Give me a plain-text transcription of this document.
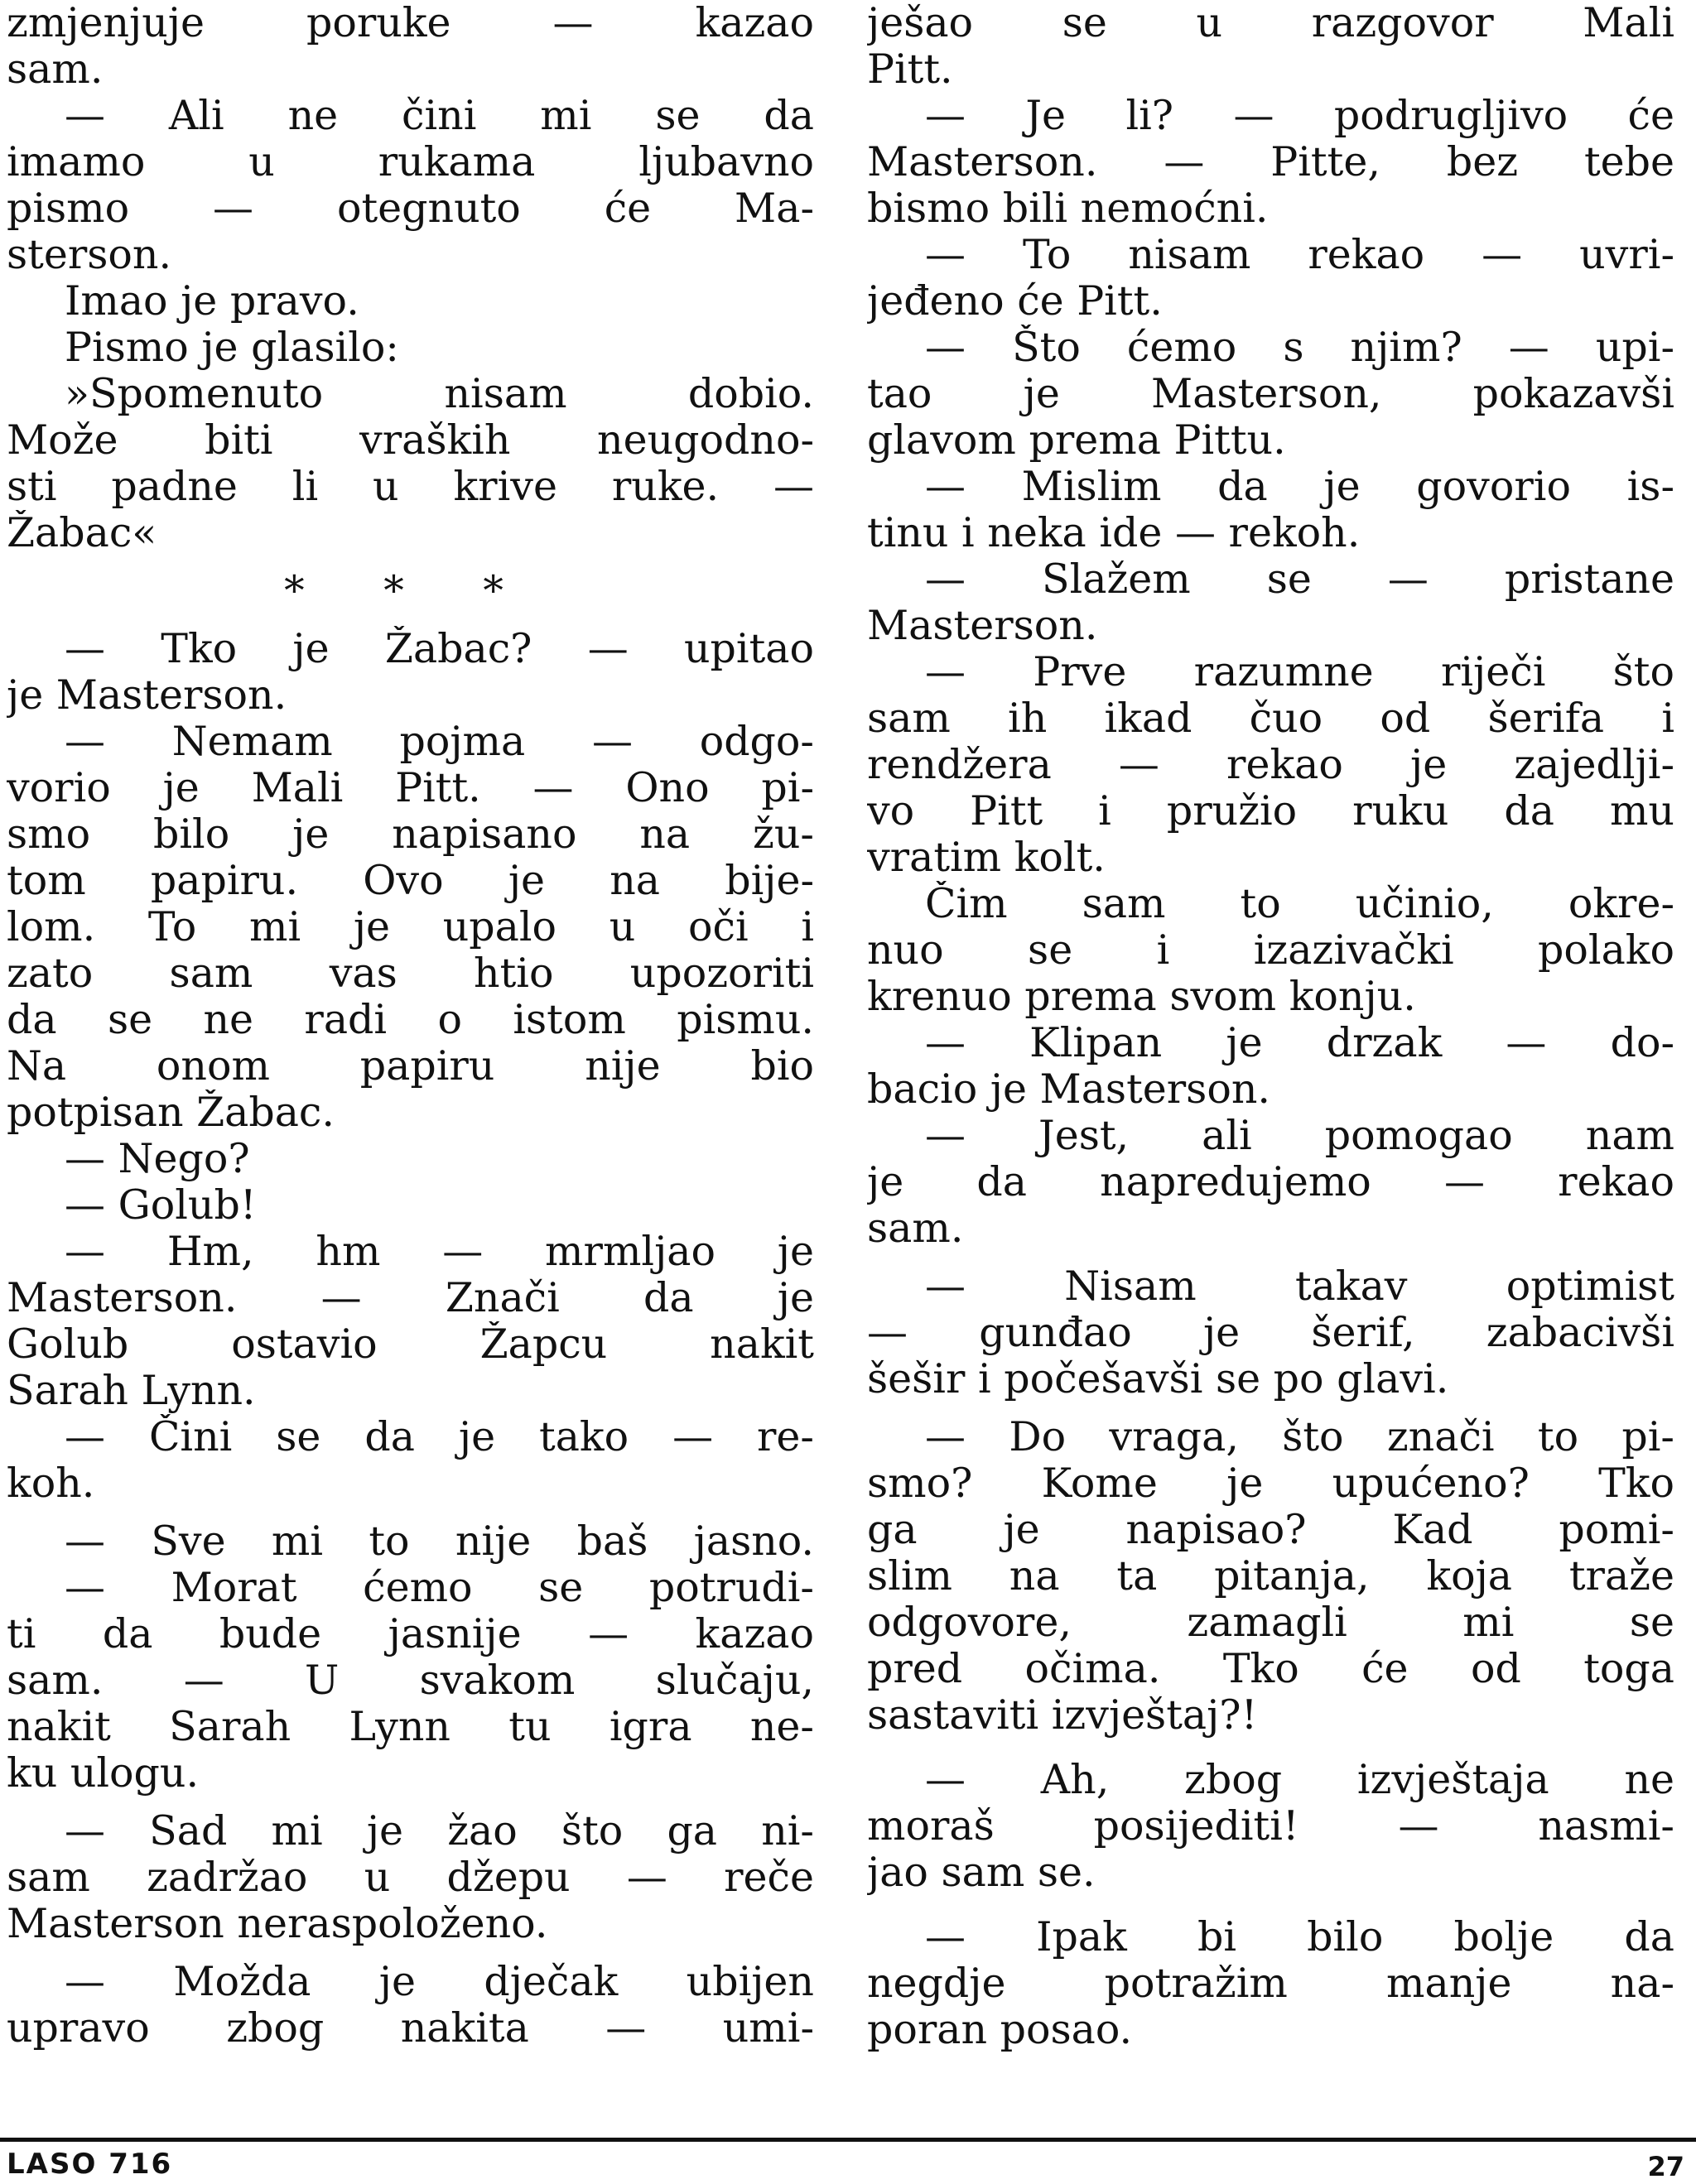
zmjenjuje poruke — kazao
sam.
— Ali ne čini mi se da
imamo u rukama ljubavno
pismo — otegnuto će Ma-
sterson.
Imao je pravo.
Pismo je glasilo:
»Spomenuto nisam dobio.
Može biti vraških neugodno-
sti padne li u krive ruke. —
Žabac«
* * *
— Tko je Žabac? — upitao
je Masterson.
— Nemam pojma — odgo-
vorio je Mali Pitt. — Ono pi-
smo bilo je napisano na žu-
tom papiru. Ovo je na bije-
lom. To mi je upalo u oči i
zato sam vas htio upozoriti
da se ne radi o istom pismu.
Na onom papiru nije bio
potpisan Žabac.
— Nego?
— Golub!
— Hm, hm — mrmljao je
Masterson. — Znači da je
Golub ostavio Žapcu nakit
Sarah Lynn.
— Čini se da je tako — re-
koh.
— Sve mi to nije baš jasno.
— Morat ćemo se potrudi-
ti da bude jasnije — kazao
sam. — U svakom slučaju,
nakit Sarah Lynn tu igra ne-
ku ulogu.
— Sad mi je žao što ga ni-
sam zadržao u džepu — reče
Masterson neraspoloženo.
— Možda je dječak ubijen
upravo zbog nakita — umi-
ješao se u razgovor Mali
Pitt.
— Je li? — podrugljivo će
Masterson. — Pitte, bez tebe
bismo bili nemoćni.
— To nisam rekao — uvri-
jeđeno će Pitt.
— Što ćemo s njim? — upi-
tao je Masterson, pokazavši
glavom prema Pittu.
— Mislim da je govorio is-
tinu i neka ide — rekoh.
— Slažem se — pristane
Masterson.
— Prve razumne riječi što
sam ih ikad čuo od šerifa i
rendžera — rekao je zajedlji-
vo Pitt i pružio ruku da mu
vratim kolt.
Čim sam to učinio, okre-
nuo se i izazivački polako
krenuo prema svom konju.
— Klipan je drzak — do-
bacio je Masterson.
— Jest, ali pomogao nam
je da napredujemo — rekao
sam.
— Nisam takav optimist
— gunđao je šerif, zabacivši
šešir i počešavši se po glavi.
— Do vraga, što znači to pi-
smo? Kome je upućeno? Tko
ga je napisao? Kad pomi-
slim na ta pitanja, koja traže
odgovore, zamagli mi se
pred očima. Tko će od toga
sastaviti izvještaj?!
— Ah, zbog izvještaja ne
moraš posijediti! — nasmi-
jao sam se.
— Ipak bi bilo bolje da
negdje potražim manje na-
poran posao.
LASO 716	27
